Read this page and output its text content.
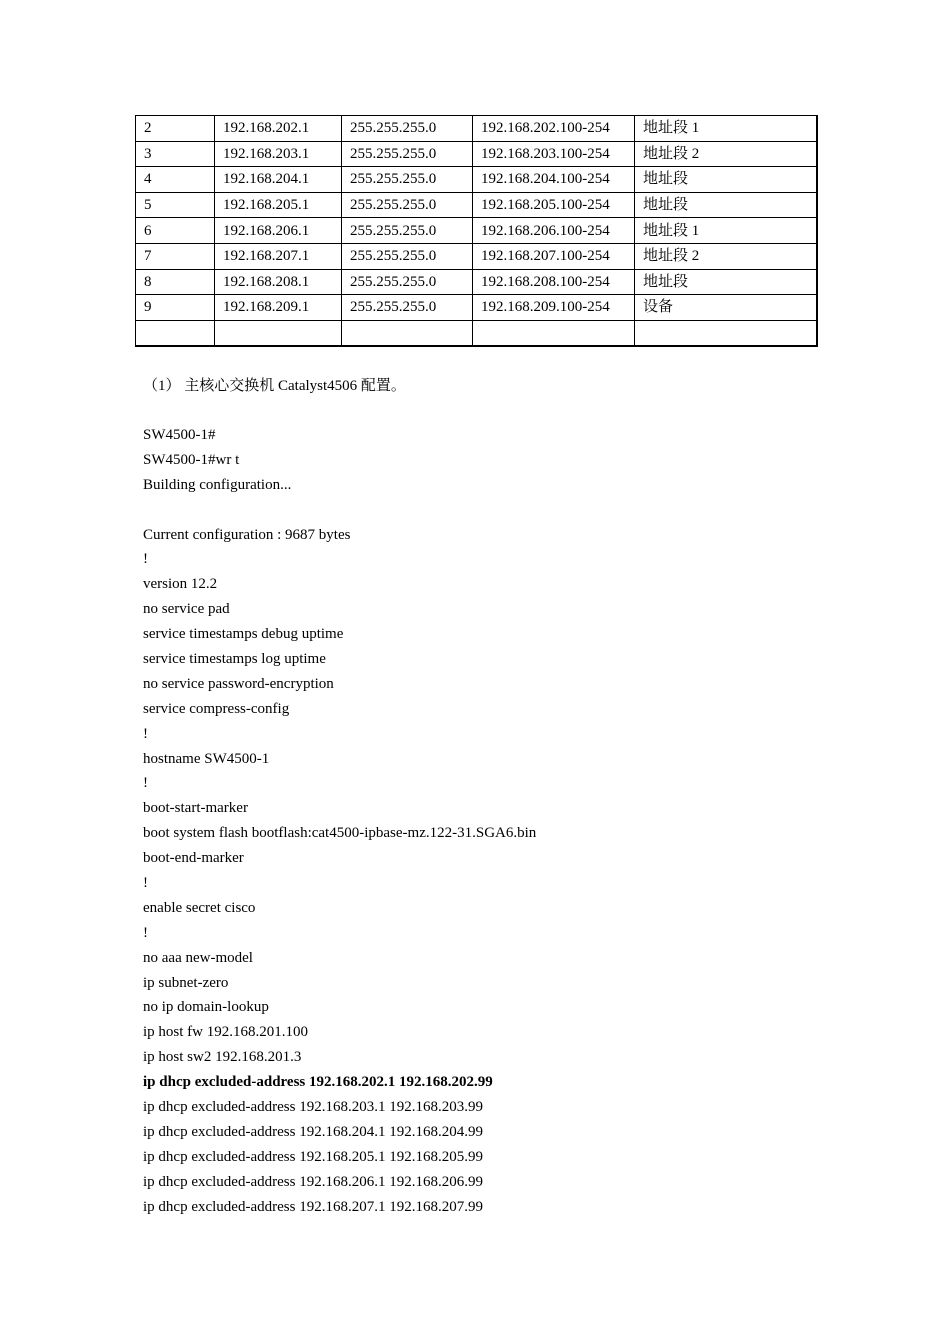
2	192.168.202.1	255.255.255.0	192.168.202.100-254	地址段 1
3	192.168.203.1	255.255.255.0	192.168.203.100-254	地址段 2
4	192.168.204.1	255.255.255.0	192.168.204.100-254	地址段
5	192.168.205.1	255.255.255.0	192.168.205.100-254	地址段
6	192.168.206.1	255.255.255.0	192.168.206.100-254	地址段 1
7	192.168.207.1	255.255.255.0	192.168.207.100-254	地址段 2
8	192.168.208.1	255.255.255.0	192.168.208.100-254	地址段
9	192.168.209.1	255.255.255.0	192.168.209.100-254	设备

（1） 主核心交换机 Catalyst4506 配置。
SW4500-1#
SW4500-1#wr t
Building configuration...
Current configuration : 9687 bytes
!
version 12.2
no service pad
service timestamps debug uptime
service timestamps log uptime
no service password-encryption
service compress-config
!
hostname SW4500-1
!
boot-start-marker
boot system flash bootflash:cat4500-ipbase-mz.122-31.SGA6.bin
boot-end-marker
!
enable secret cisco
!
no aaa new-model
ip subnet-zero
no ip domain-lookup
ip host fw 192.168.201.100
ip host sw2 192.168.201.3
ip dhcp excluded-address 192.168.202.1 192.168.202.99
ip dhcp excluded-address 192.168.203.1 192.168.203.99
ip dhcp excluded-address 192.168.204.1 192.168.204.99
ip dhcp excluded-address 192.168.205.1 192.168.205.99
ip dhcp excluded-address 192.168.206.1 192.168.206.99
ip dhcp excluded-address 192.168.207.1 192.168.207.99
